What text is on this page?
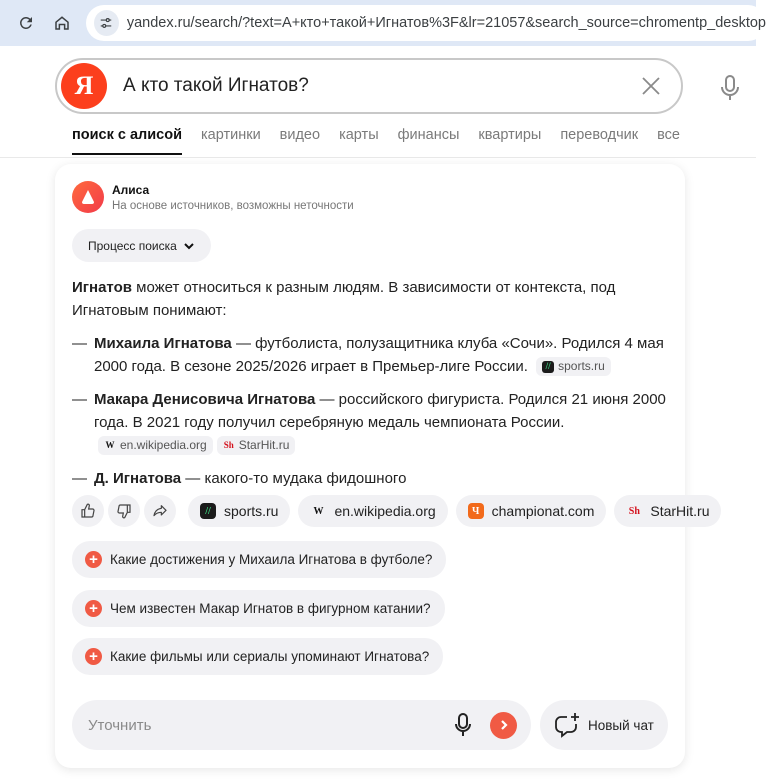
yandex.ru/search/?text=А+кто+такой+Игнатов%3F&lr=21057&search_source=chromentp_desktop
Я	А кто такой Игнатов?
поиск с алисой картинки видео карты финансы квартиры переводчик все
Алиса
На основе источников, возможны неточности
Процесс поиска
Игнатов может относиться к разным людям. В зависимости от контекста, под Игнатовым понимают:
— Михаила Игнатова — футболиста, полузащитника клуба «Сочи». Родился 4 мая 2000 года. В сезоне 2025/2026 играет в Премьер-лиге России.	// sports.ru
— Макара Денисовича Игнатова — российского фигуриста. Родился 21 июня 2000 года. В 2021 году получил серебряную медаль чемпионата России.
W en.wikipedia.org Sh StarHit.ru
— Д. Игнатова — какого-то мудака фидошного
// sports.ru	W en.wikipedia.org	Ч championat.com	Sh StarHit.ru
+ Какие достижения у Михаила Игнатова в футболе?
+ Чем известен Макар Игнатов в фигурном катании?
+ Какие фильмы или сериалы упоминают Игнатова?
Уточнить	Новый чат
